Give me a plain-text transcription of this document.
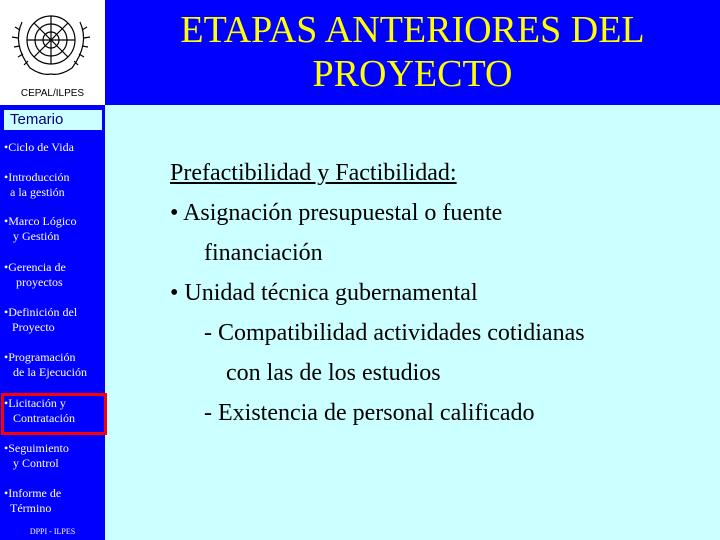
CEPAL/ILPES
ETAPAS ANTERIORES DEL
PROYECTO
Temario
•Ciclo de Vida
•Introducción
a la gestión
•Marco Lógico
y Gestión
•Gerencia de
proyectos
•Definición del
Proyecto
•Programación
de la Ejecución
•Licitación y
Contratación
•Seguimiento
y Control
•Informe de
Término
DPPI - ILPES
Prefactibilidad y Factibilidad:
• Asignación presupuestal o fuente
financiación
• Unidad técnica gubernamental
- Compatibilidad actividades cotidianas
con las de los estudios
- Existencia de personal calificado
